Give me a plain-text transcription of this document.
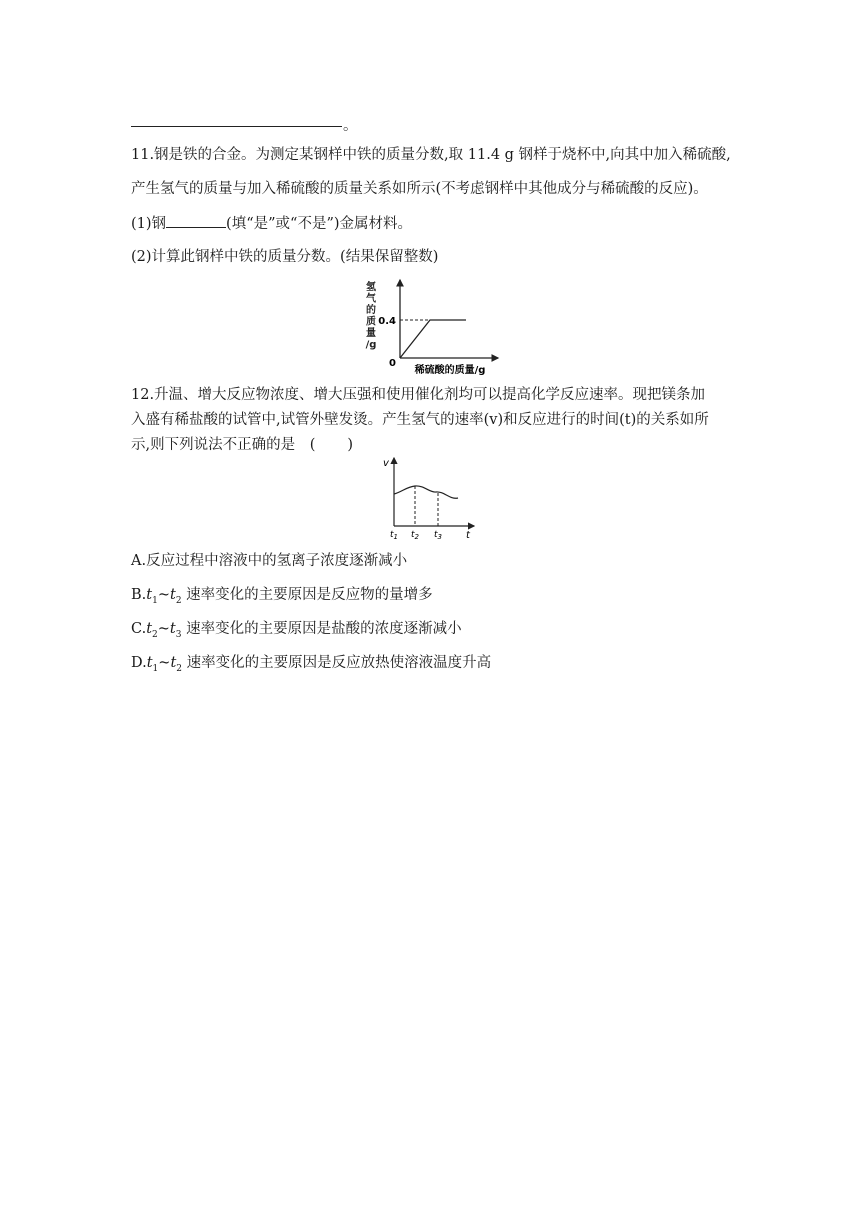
。
11.钢是铁的合金。为测定某钢样中铁的质量分数,取 11.4 g 钢样于烧杯中,向其中加入稀硫酸,
产生氢气的质量与加入稀硫酸的质量关系如所示(不考虑钢样中其他成分与稀硫酸的反应)。
(1)钢	(填“是”或“不是”)金属材料。
(2)计算此钢样中铁的质量分数。(结果保留整数)
氢气的质量/g
0.4
0
稀硫酸的质量/g
12.升温、增大反应物浓度、增大压强和使用催化剂均可以提高化学反应速率。现把镁条加
入盛有稀盐酸的试管中,试管外壁发烫。产生氢气的速率(v)和反应进行的时间(t)的关系如所
示,则下列说法不正确的是 ( )
v
t
$t_1$ $t_2$ $t_3$
A.反应过程中溶液中的氢离子浓度逐渐减小
$B.t_1\sim t_2$ 速率变化的主要原因是反应物的量增多
$C.t_2\sim t_3$ 速率变化的主要原因是盐酸的浓度逐渐减小
$D.t_1\sim t_2$ 速率变化的主要原因是反应放热使溶液温度升高
